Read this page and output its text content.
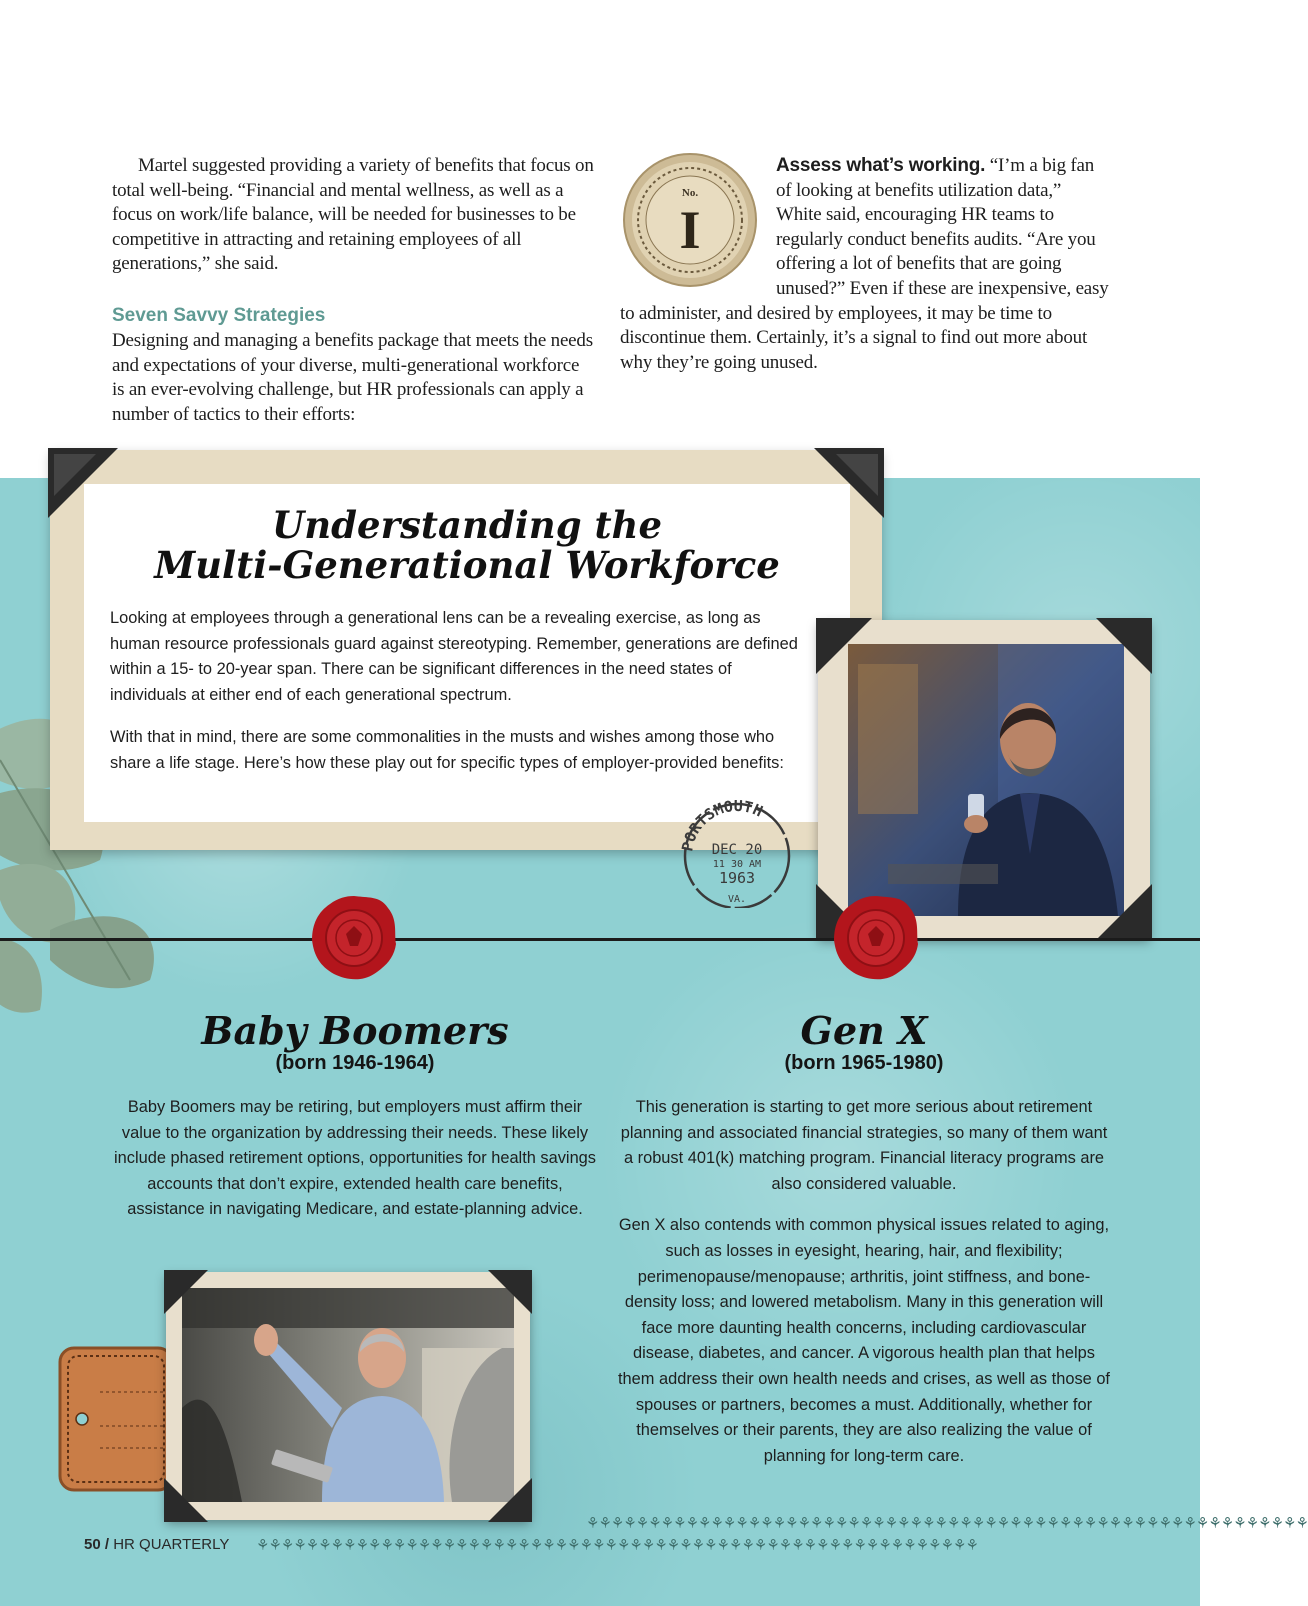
Martel suggested providing a variety of benefits that focus on total well-being. “Financial and mental wellness, as well as a focus on work/life balance, will be needed for businesses to be competitive in attracting and retaining employees of all generations,” she said.

Seven Savvy Strategies

Designing and managing a benefits package that meets the needs and expectations of your diverse, multi-generational workforce is an ever-evolving challenge, but HR professionals can apply a number of tactics to their efforts:

No.
I

Assess what’s working. “I’m a big fan of looking at benefits utilization data,” White said, encouraging HR teams to regularly conduct benefits audits. “Are you offering a lot of benefits that are going unused?” Even if these are inexpensive, easy to administer, and desired by employees, it may be time to discontinue them. Certainly, it’s a signal to find out more about why they’re going unused.

Understanding the
Multi-Generational Workforce

Looking at employees through a generational lens can be a revealing exercise, as long as human resource professionals guard against stereotyping. Remember, generations are defined within a 15- to 20-year span. There can be significant differences in the need states of individuals at either end of each generational spectrum.

With that in mind, there are some commonalities in the musts and wishes among those who share a life stage. Here’s how these play out for specific types of employer-provided benefits:

PORTSMOUTH
DEC 20
11 30 AM
1963
VA.
Baby Boomers
(born 1946-1964)

Baby Boomers may be retiring, but employers must affirm their value to the organization by addressing their needs. These likely include phased retirement options, opportunities for health savings accounts that don’t expire, extended health care benefits, assistance in navigating Medicare, and estate-planning advice.

Gen X
(born 1965-1980)

This generation is starting to get more serious about retirement planning and associated financial strategies, so many of them want a robust 401(k) matching program. Financial literacy programs are also considered valuable.

Gen X also contends with common physical issues related to aging, such as losses in eyesight, hearing, hair, and flexibility; perimenopause/menopause; arthritis, joint stiffness, and bone-density loss; and lowered metabolism. Many in this generation will face more daunting health concerns, including cardiovascular disease, diabetes, and cancer. A vigorous health plan that helps them address their own health needs and crises, as well as those of spouses or partners, becomes a must. Additionally, whether for themselves or their parents, they are also realizing the value of planning for long-term care.

⚘⚘⚘⚘⚘⚘⚘⚘⚘⚘⚘⚘⚘⚘⚘⚘⚘⚘⚘⚘⚘⚘⚘⚘⚘⚘⚘⚘⚘⚘⚘⚘⚘⚘⚘⚘⚘⚘⚘⚘⚘⚘⚘⚘⚘⚘⚘⚘⚘⚘⚘⚘⚘⚘⚘⚘⚘⚘
⚘⚘⚘⚘⚘⚘⚘⚘⚘⚘⚘⚘⚘⚘⚘⚘⚘⚘⚘⚘⚘⚘⚘⚘⚘⚘⚘⚘⚘⚘⚘⚘⚘⚘⚘⚘⚘⚘⚘⚘⚘⚘⚘⚘⚘⚘⚘⚘⚘⚘⚘⚘⚘⚘⚘⚘⚘⚘
50 / HR QUARTERLY
